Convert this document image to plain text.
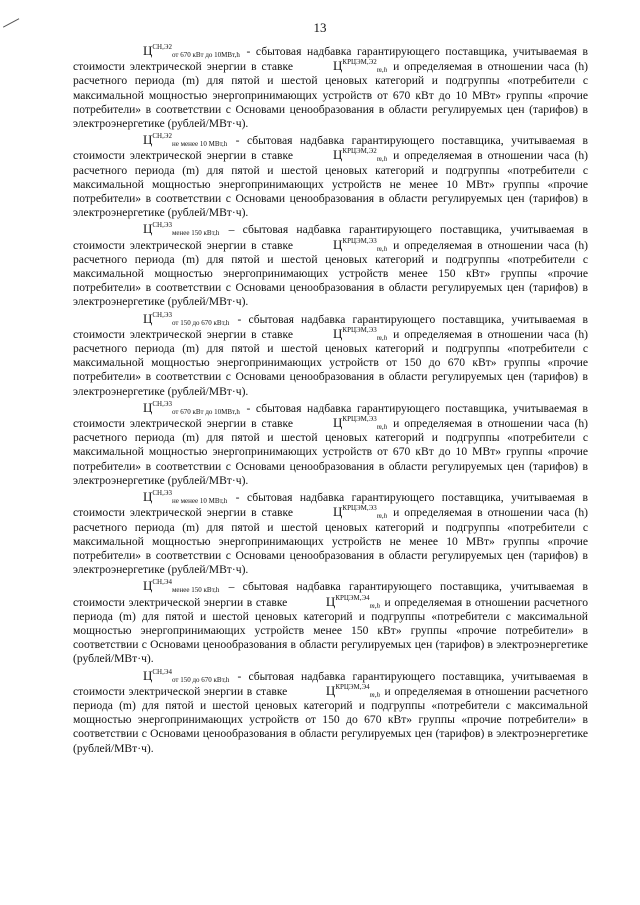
13

$Ц^{СН,Э2}_{от 670 кВт до 10МВт,h}$ - сбытовая надбавка гарантирующего поставщика, учитываемая в стоимости электрической энергии в ставке	$Ц^{КРЦЭМ,Э2}_{m,h}$ и определяемая в отношении часа (h) расчетного периода (m) для пятой и шестой ценовых категорий и подгруппы «потребители с максимальной мощностью энергопринимающих устройств от 670 кВт до 10 МВт» группы «прочие потребители» в соответствии с Основами ценообразования в области регулируемых цен (тарифов) в электроэнергетике (рублей/МВт·ч).

$Ц^{СН,Э2}_{не менее 10 МВт,h}$ - сбытовая надбавка гарантирующего поставщика, учитываемая в стоимости электрической энергии в ставке	$Ц^{КРЦЭМ,Э2}_{m,h}$ и определяемая в отношении часа (h) расчетного периода (m) для пятой и шестой ценовых категорий и подгруппы «потребители с максимальной мощностью энергопринимающих устройств не менее 10 МВт» группы «прочие потребители» в соответствии с Основами ценообразования в области регулируемых цен (тарифов) в электроэнергетике (рублей/МВт·ч).

$Ц^{СН,Э3}_{менее 150 кВт,h}$ – сбытовая надбавка гарантирующего поставщика, учитываемая в стоимости электрической энергии в ставке	$Ц^{КРЦЭМ,Э3}_{m,h}$ и определяемая в отношении часа (h) расчетного периода (m) для пятой и шестой ценовых категорий и подгруппы «потребители с максимальной мощностью энергопринимающих устройств менее 150 кВт» группы «прочие потребители» в соответствии с Основами ценообразования в области регулируемых цен (тарифов) в электроэнергетике (рублей/МВт·ч).

$Ц^{СН,Э3}_{от 150 до 670 кВт,h}$ - сбытовая надбавка гарантирующего поставщика, учитываемая в стоимости электрической энергии в ставке	$Ц^{КРЦЭМ,Э3}_{m,h}$ и определяемая в отношении часа (h) расчетного периода (m) для пятой и шестой ценовых категорий и подгруппы «потребители с максимальной мощностью энергопринимающих устройств от 150 до 670 кВт» группы «прочие потребители» в соответствии с Основами ценообразования в области регулируемых цен (тарифов) в электроэнергетике (рублей/МВт·ч).

$Ц^{СН,Э3}_{от 670 кВт до 10МВт,h}$ - сбытовая надбавка гарантирующего поставщика, учитываемая в стоимости электрической энергии в ставке	$Ц^{КРЦЭМ,Э3}_{m,h}$ и определяемая в отношении часа (h) расчетного периода (m) для пятой и шестой ценовых категорий и подгруппы «потребители с максимальной мощностью энергопринимающих устройств от 670 кВт до 10 МВт» группы «прочие потребители» в соответствии с Основами ценообразования в области регулируемых цен (тарифов) в электроэнергетике (рублей/МВт·ч).

$Ц^{СН,Э3}_{не менее 10 МВт,h}$ - сбытовая надбавка гарантирующего поставщика, учитываемая в стоимости электрической энергии в ставке	$Ц^{КРЦЭМ,Э3}_{m,h}$ и определяемая в отношении часа (h) расчетного периода (m) для пятой и шестой ценовых категорий и подгруппы «потребители с максимальной мощностью энергопринимающих устройств не менее 10 МВт» группы «прочие потребители» в соответствии с Основами ценообразования в области регулируемых цен (тарифов) в электроэнергетике (рублей/МВт·ч).

$Ц^{СН,Э4}_{менее 150 кВт,h}$ – сбытовая надбавка гарантирующего поставщика, учитываемая в стоимости электрической энергии в ставке	$Ц^{КРЦЭМ,Э4}_{m,h}$ и определяемая в отношении расчетного периода (m) для пятой и шестой ценовых категорий и подгруппы «потребители с максимальной мощностью энергопринимающих устройств менее 150 кВт» группы «прочие потребители» в соответствии с Основами ценообразования в области регулируемых цен (тарифов) в электроэнергетике (рублей/МВт·ч).

$Ц^{СН,Э4}_{от 150 до 670 кВт,h}$ - сбытовая надбавка гарантирующего поставщика, учитываемая в стоимости электрической энергии в ставке	$Ц^{КРЦЭМ,Э4}_{m,h}$ и определяемая в отношении расчетного периода (m) для пятой и шестой ценовых категорий и подгруппы «потребители с максимальной мощностью энергопринимающих устройств от 150 до 670 кВт» группы «прочие потребители» в соответствии с Основами ценообразования в области регулируемых цен (тарифов) в электроэнергетике (рублей/МВт·ч).
